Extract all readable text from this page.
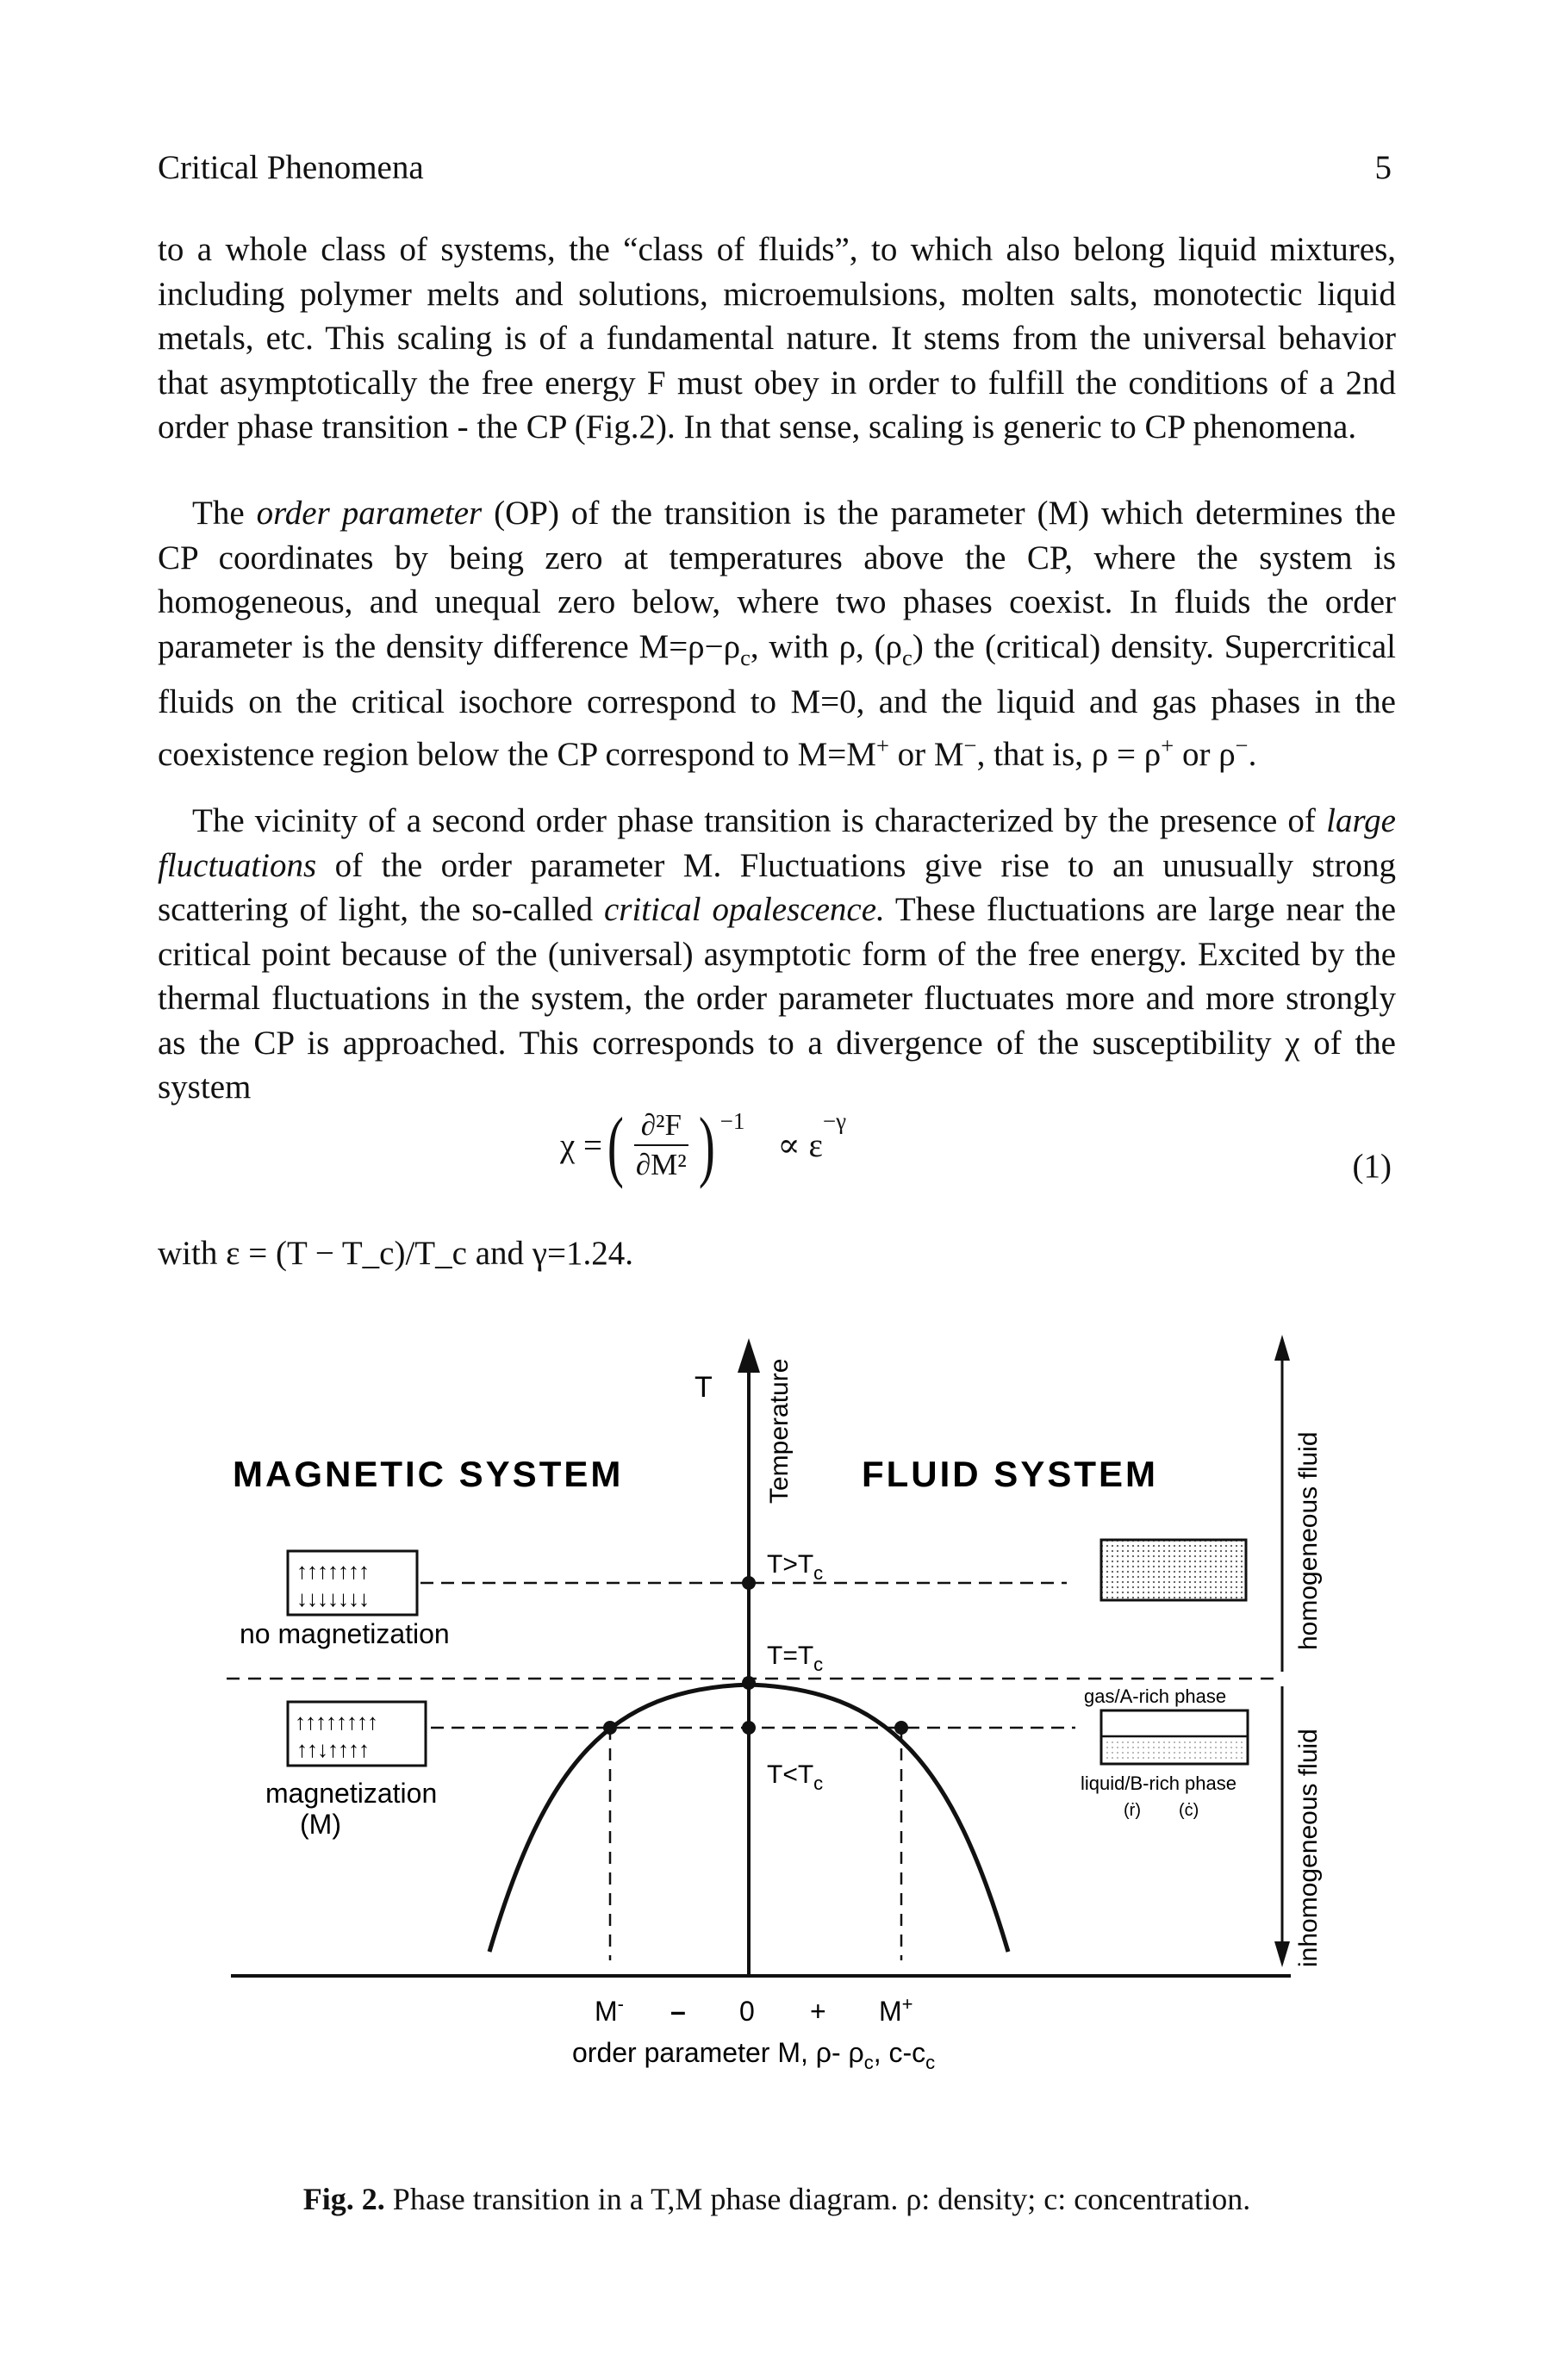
Critical Phenomena	5

to a whole class of systems, the “class of fluids”, to which also belong liquid mixtures, including polymer melts and solutions, microemulsions, molten salts, monotectic liquid metals, etc. This scaling is of a fundamental nature. It stems from the universal behavior that asymptotically the free energy F must obey in order to fulfill the conditions of a 2nd order phase transition - the CP (Fig.2). In that sense, scaling is generic to CP phenomena.

The order parameter (OP) of the transition is the parameter (M) which determines the CP coordinates by being zero at temperatures above the CP, where the system is homogeneous, and unequal zero below, where two phases coexist. In fluids the order parameter is the density difference $M=\rho-\rho_c$, with ρ, $(\rho_c)$ the (critical) density. Supercritical fluids on the critical isochore correspond to M=0, and the liquid and gas phases in the coexistence region below the CP correspond to M=M+ or M−, that is, ρ = ρ+ or ρ−.

The vicinity of a second order phase transition is characterized by the presence of large fluctuations of the order parameter M. Fluctuations give rise to an unusually strong scattering of light, the so-called critical opalescence. These fluctuations are large near the critical point because of the (universal) asymptotic form of the free energy. Excited by the thermal fluctuations in the system, the order parameter fluctuates more and more strongly as the CP is approached. This corresponds to a divergence of the susceptibility χ of the system

χ = ( $\frac{\text{∂²F}}{\text{∂M²}}$ ) −1
∝ ε
−γ
(1)
with ε = (T − T_c)/T_c and γ=1.24.
T Temperature
MAGNETIC SYSTEM	FLUID SYSTEM
↑↑↑↑↑↑↑
↓↓↓↓↓↓↓
no magnetization
↑↑↑↑↑↑↑↑
↑↑↓↑↑↑↑
magnetization
(M)
$T>T_c$
$T=T_c$
$T<T_c$
gas/A-rich phase
liquid/B-rich phase
(ṙ) (ċ)
homogeneous fluid
inhomogeneous fluid
M- – 0 + M+
order parameter M, ρ- $\rho_c$, $c-c_c$
Fig. 2. Phase transition in a T,M phase diagram. ρ: density; c: concentration.
